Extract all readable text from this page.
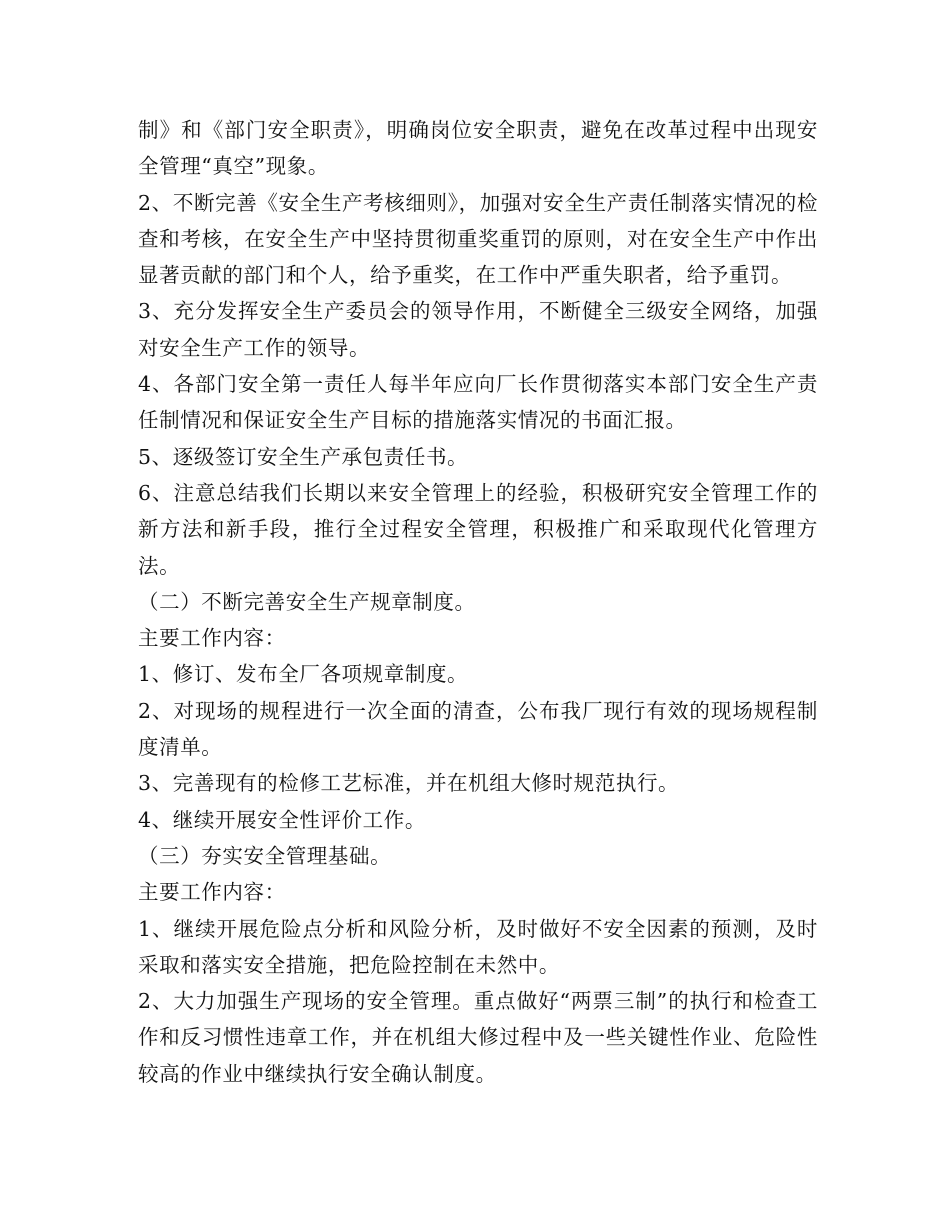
制》和《部门安全职责》，明确岗位安全职责，避免在改革过程中出现安全管理“真空”现象。

2、不断完善《安全生产考核细则》，加强对安全生产责任制落实情况的检查和考核，在安全生产中坚持贯彻重奖重罚的原则，对在安全生产中作出显著贡献的部门和个人，给予重奖，在工作中严重失职者，给予重罚。

3、充分发挥安全生产委员会的领导作用，不断健全三级安全网络，加强对安全生产工作的领导。

4、各部门安全第一责任人每半年应向厂长作贯彻落实本部门安全生产责任制情况和保证安全生产目标的措施落实情况的书面汇报。

5、逐级签订安全生产承包责任书。

6、注意总结我们长期以来安全管理上的经验，积极研究安全管理工作的新方法和新手段，推行全过程安全管理，积极推广和采取现代化管理方法。

（二）不断完善安全生产规章制度。

主要工作内容：

1、修订、发布全厂各项规章制度。

2、对现场的规程进行一次全面的清查，公布我厂现行有效的现场规程制度清单。

3、完善现有的检修工艺标准，并在机组大修时规范执行。

4、继续开展安全性评价工作。

（三）夯实安全管理基础。

主要工作内容：

1、继续开展危险点分析和风险分析，及时做好不安全因素的预测，及时采取和落实安全措施，把危险控制在未然中。

2、大力加强生产现场的安全管理。重点做好“两票三制”的执行和检查工作和反习惯性违章工作，并在机组大修过程中及一些关键性作业、危险性较高的作业中继续执行安全确认制度。
